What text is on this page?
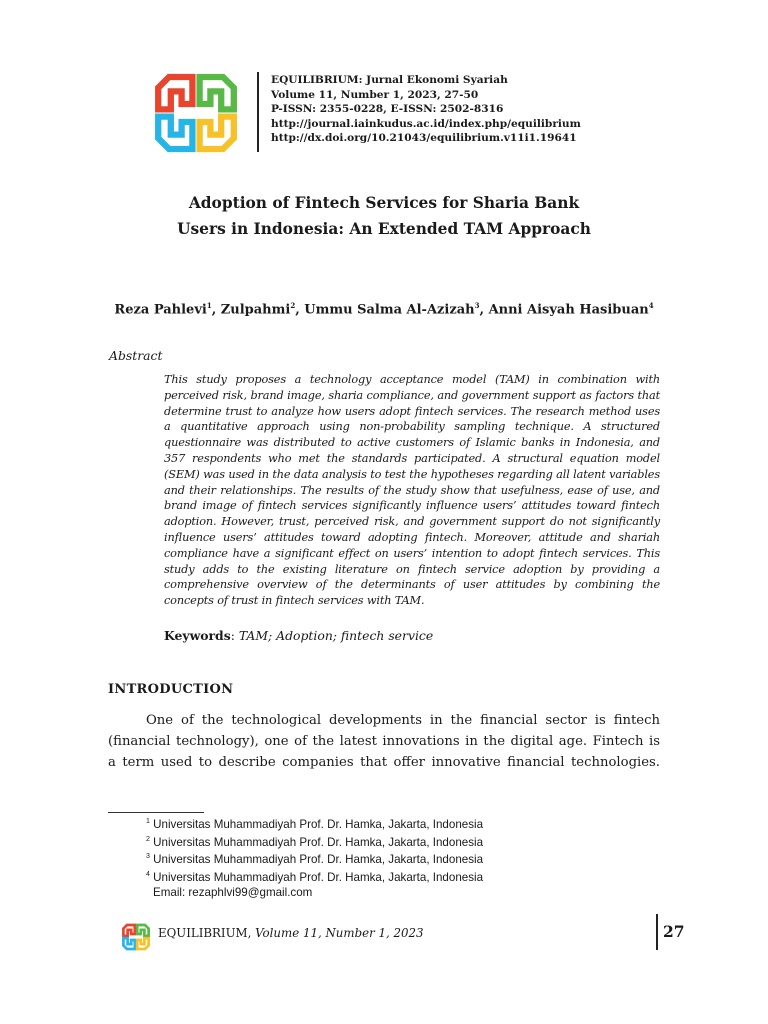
EQUILIBRIUM: Jurnal Ekonomi Syariah
Volume 11, Number 1, 2023, 27-50
P-ISSN: 2355-0228, E-ISSN: 2502-8316
http://journal.iainkudus.ac.id/index.php/equilibrium
http://dx.doi.org/10.21043/equilibrium.v11i1.19641
Adoption of Fintech Services for Sharia Bank
Users in Indonesia: An Extended TAM Approach
Reza Pahlevi$^1$, Zulpahmi$^2$, Ummu Salma Al-Azizah$^3$, Anni Aisyah Hasibuan$^4$
Abstract
This study proposes a technology acceptance model (TAM) in combination with perceived risk, brand image, sharia compliance, and government support as factors that determine trust to analyze how users adopt fintech services. The research method uses a quantitative approach using non-probability sampling technique. A structured questionnaire was distributed to active customers of Islamic banks in Indonesia, and 357 respondents who met the standards participated. A structural equation model (SEM) was used in the data analysis to test the hypotheses regarding all latent variables and their relationships. The results of the study show that usefulness, ease of use, and brand image of fintech services significantly influence users’ attitudes toward fintech adoption. However, trust, perceived risk, and government support do not significantly influence users’ attitudes toward adopting fintech. Moreover, attitude and shariah compliance have a significant effect on users’ intention to adopt fintech services. This study adds to the existing literature on fintech service adoption by providing a comprehensive overview of the determinants of user attitudes by combining the concepts of trust in fintech services with TAM.
Keywords: TAM; Adoption; fintech service
INTRODUCTION
One of the technological developments in the financial sector is fintech
(financial technology), one of the latest innovations in the digital age. Fintech is
a term used to describe companies that offer innovative financial technologies.
$^1$ Universitas Muhammadiyah Prof. Dr. Hamka, Jakarta, Indonesia
$^2$ Universitas Muhammadiyah Prof. Dr. Hamka, Jakarta, Indonesia
$^3$ Universitas Muhammadiyah Prof. Dr. Hamka, Jakarta, Indonesia
$^4$ Universitas Muhammadiyah Prof. Dr. Hamka, Jakarta, Indonesia
Email: rezaphlvi99@gmail.com
EQUILIBRIUM, Volume 11, Number 1, 2023	27
